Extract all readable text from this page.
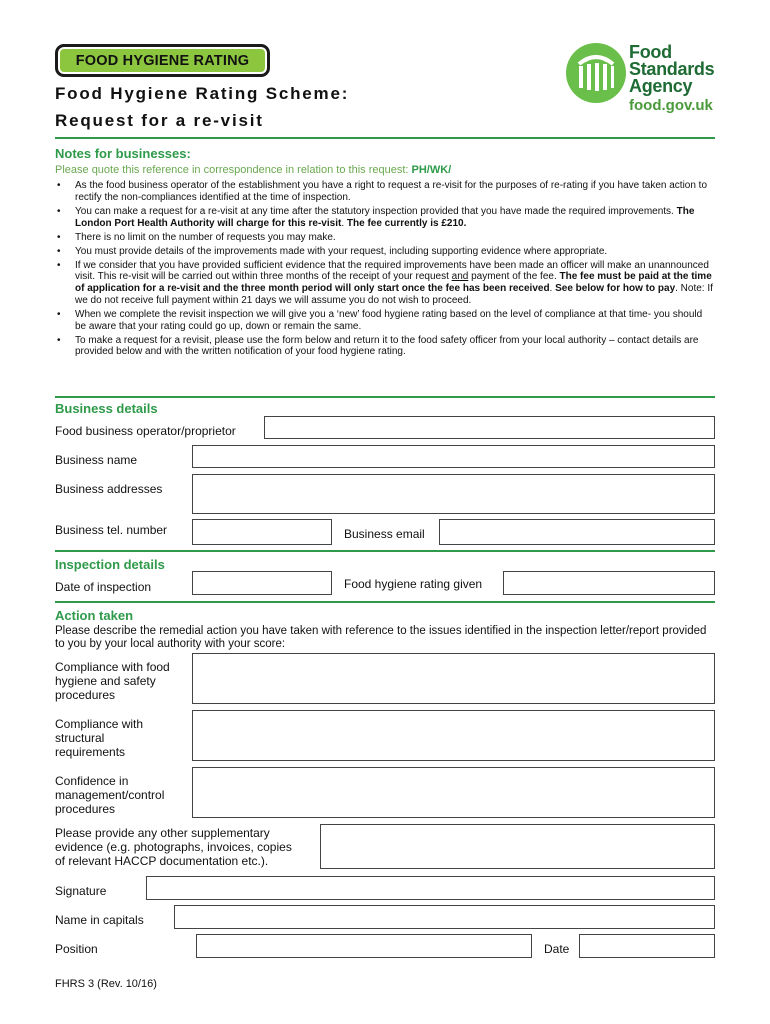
FOOD HYGIENE RATING
Food Hygiene Rating Scheme:
Request for a re-visit
Food
Standards
Agency
food.gov.uk
Notes for businesses:
Please quote this reference in correspondence in relation to this request: PH/WK/
• As the food business operator of the establishment you have a right to request a re-visit for the purposes of re-rating if you have taken action to rectify the non-compliances identified at the time of inspection.
• You can make a request for a re-visit at any time after the statutory inspection provided that you have made the required improvements. The London Port Health Authority will charge for this re-visit. The fee currently is £210.
• There is no limit on the number of requests you may make.
• You must provide details of the improvements made with your request, including supporting evidence where appropriate.
• If we consider that you have provided sufficient evidence that the required improvements have been made an officer will make an unannounced visit. This re-visit will be carried out within three months of the receipt of your request and payment of the fee. The fee must be paid at the time of application for a re-visit and the three month period will only start once the fee has been received. See below for how to pay. Note: If we do not receive full payment within 21 days we will assume you do not wish to proceed.
• When we complete the revisit inspection we will give you a ‘new’ food hygiene rating based on the level of compliance at that time- you should be aware that your rating could go up, down or remain the same.
• To make a request for a revisit, please use the form below and return it to the food safety officer from your local authority – contact details are provided below and with the written notification of your food hygiene rating.
Business details
Food business operator/proprietor
Business name
Business addresses
Business tel. number	Business email
Inspection details
Date of inspection	Food hygiene rating given
Action taken
Please describe the remedial action you have taken with reference to the issues identified in the inspection letter/report provided to you by your local authority with your score:
Compliance with food
hygiene and safety
procedures
Compliance with
structural
requirements
Confidence in
management/control
procedures
Please provide any other supplementary
evidence (e.g. photographs, invoices, copies
of relevant HACCP documentation etc.).
Signature
Name in capitals
Position	Date
FHRS 3 (Rev. 10/16)
